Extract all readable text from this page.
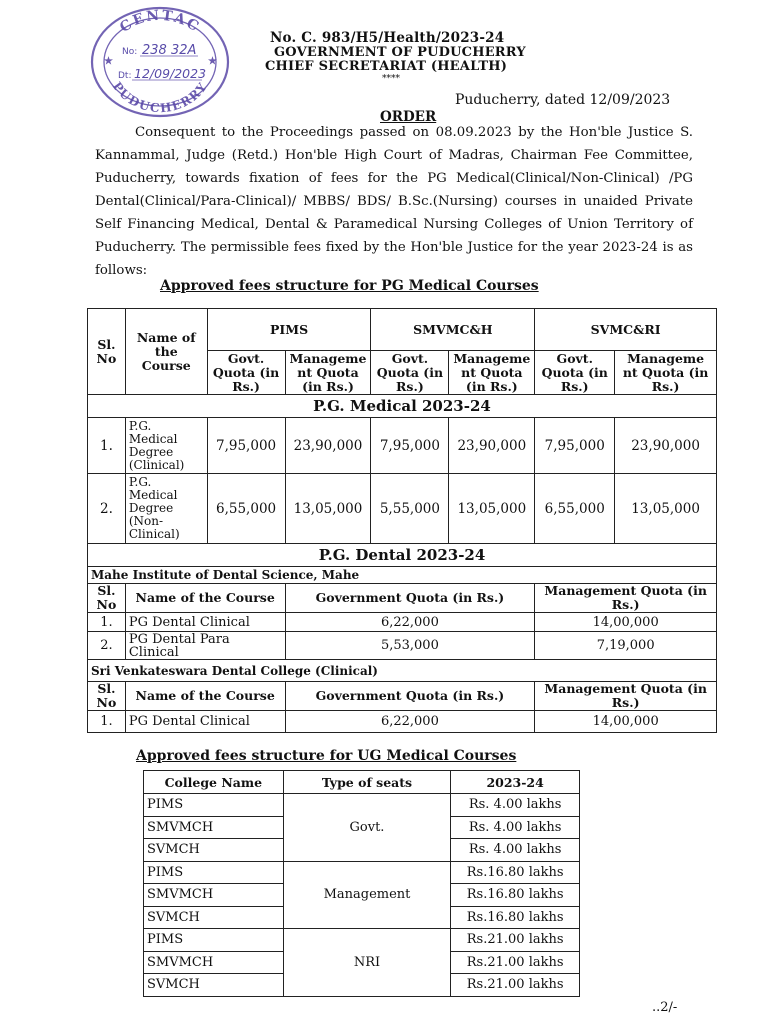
CENTAC
PUDUCHERRY
★	★
No: 238 32A
Dt: 12/09/2023
No. C. 983/H5/Health/2023-24
GOVERNMENT OF PUDUCHERRY
CHIEF SECRETARIAT (HEALTH)
****
Puducherry, dated 12/09/2023
ORDER
Consequent to the Proceedings passed on 08.09.2023 by the Hon'ble Justice S. Kannammal, Judge (Retd.) Hon'ble High Court of Madras, Chairman Fee Committee, Puducherry, towards fixation of fees for the PG Medical(Clinical/Non-Clinical) /PG Dental(Clinical/Para-Clinical)/ MBBS/ BDS/ B.Sc.(Nursing) courses in unaided Private Self Financing Medical, Dental & Paramedical Nursing Colleges of Union Territory of Puducherry. The permissible fees fixed by the Hon'ble Justice for the year 2023-24 is as follows:
Approved fees structure for PG Medical Courses
Sl. No	Name of the Course	PIMS		SMVMC&H		SVMC&RI	
		Govt. Quota (in Rs.)	Manageme nt Quota (in Rs.)	Govt. Quota (in Rs.)	Manageme nt Quota (in Rs.)	Govt. Quota (in Rs.)	Manageme nt Quota (in Rs.)
P.G. Medical 2023-24							
1.	P.G. Medical Degree (Clinical)	7,95,000	23,90,000	7,95,000	23,90,000	7,95,000	23,90,000
2.	P.G. Medical Degree (Non-Clinical)	6,55,000	13,05,000	5,55,000	13,05,000	6,55,000	13,05,000
P.G. Dental 2023-24							
Mahe Institute of Dental Science, Mahe							
Sl. No	Name of the Course		Government Quota (in Rs.)			Management Quota (in Rs.)	
1.	PG Dental Clinical		6,22,000			14,00,000	
2.	PG Dental Para Clinical		5,53,000			7,19,000	
Sri Venkateswara Dental College (Clinical)							
Sl. No	Name of the Course		Government Quota (in Rs.)			Management Quota (in Rs.)	
1.	PG Dental Clinical		6,22,000			14,00,000	
Approved fees structure for UG Medical Courses
College Name	Type of seats	2023-24
PIMS	Govt.	Rs. 4.00 lakhs
SMVMCH		Rs. 4.00 lakhs
SVMCH		Rs. 4.00 lakhs
PIMS	Management	Rs.16.80 lakhs
SMVMCH		Rs.16.80 lakhs
SVMCH		Rs.16.80 lakhs
PIMS	NRI	Rs.21.00 lakhs
SMVMCH		Rs.21.00 lakhs
SVMCH		Rs.21.00 lakhs
..2/-
